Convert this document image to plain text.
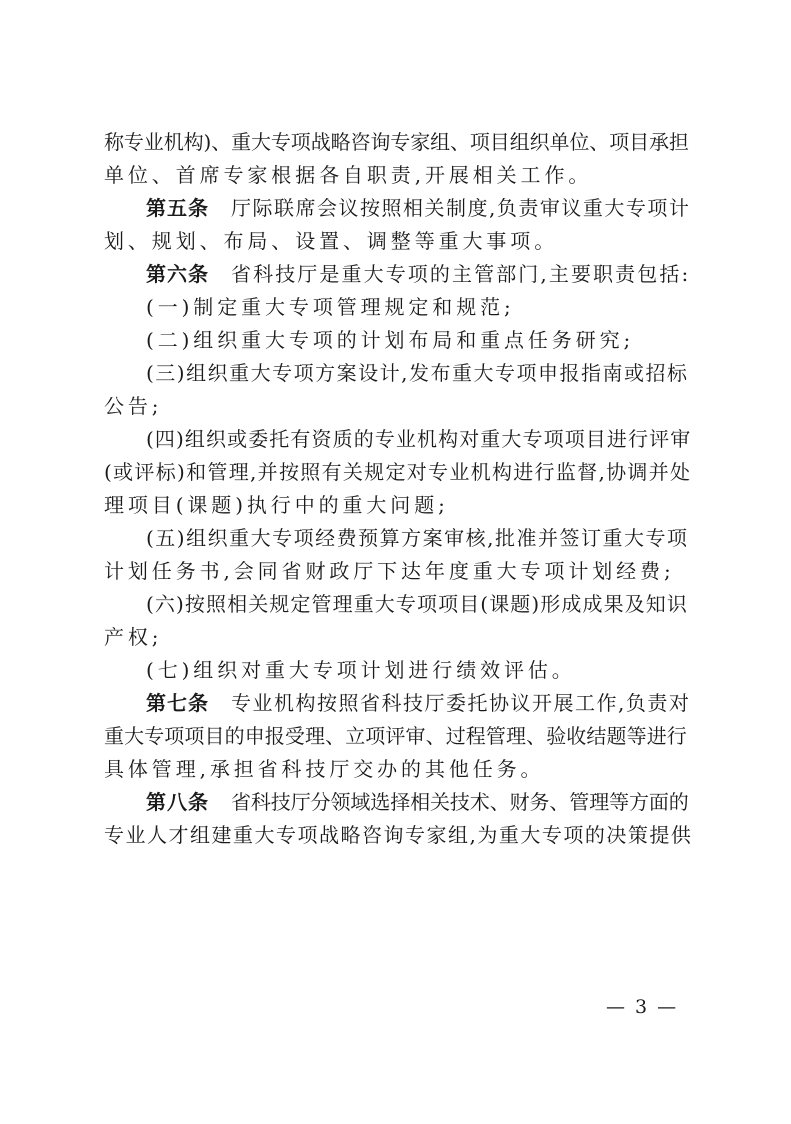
称专业机构)、重大专项战略咨询专家组、项目组织单位、项目承担
单位、首席专家根据各自职责,开展相关工作。
第五条 厅际联席会议按照相关制度,负责审议重大专项计
划、规划、布局、设置、调整等重大事项。
第六条 省科技厅是重大专项的主管部门,主要职责包括:
(一)制定重大专项管理规定和规范;
(二)组织重大专项的计划布局和重点任务研究;
(三)组织重大专项方案设计,发布重大专项申报指南或招标
公告;
(四)组织或委托有资质的专业机构对重大专项项目进行评审
(或评标)和管理,并按照有关规定对专业机构进行监督,协调并处
理项目(课题)执行中的重大问题;
(五)组织重大专项经费预算方案审核,批准并签订重大专项
计划任务书,会同省财政厅下达年度重大专项计划经费;
(六)按照相关规定管理重大专项项目(课题)形成成果及知识
产权;
(七)组织对重大专项计划进行绩效评估。
第七条 专业机构按照省科技厅委托协议开展工作,负责对
重大专项项目的申报受理、立项评审、过程管理、验收结题等进行
具体管理,承担省科技厅交办的其他任务。
第八条 省科技厅分领域选择相关技术、财务、管理等方面的
专业人才组建重大专项战略咨询专家组,为重大专项的决策提供
— 3 —
